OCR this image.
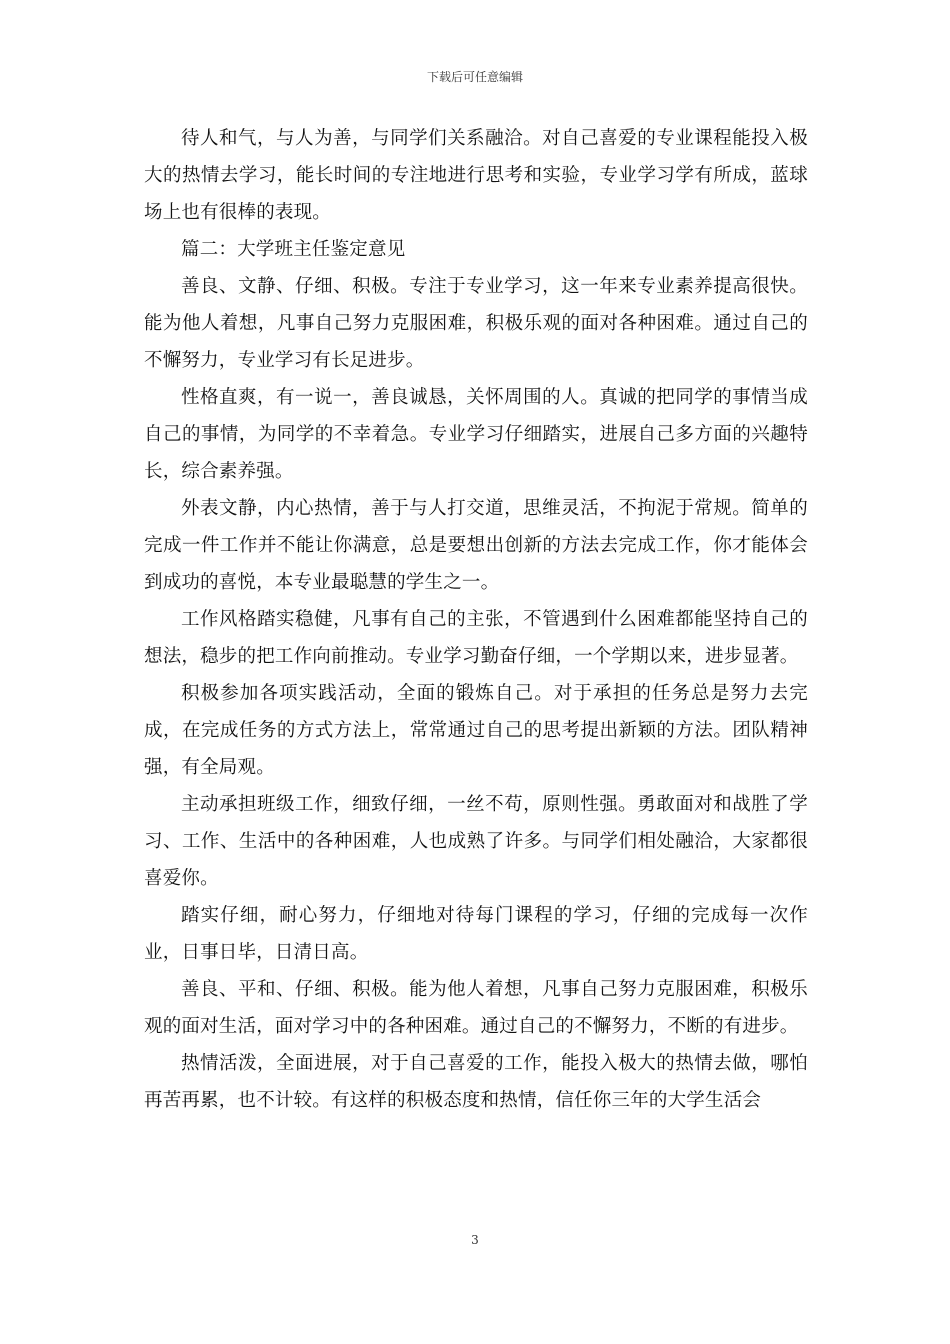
下载后可任意编辑

待人和气，与人为善，与同学们关系融洽。对自己喜爱的专业课程能投入极大的热情去学习，能长时间的专注地进行思考和实验，专业学习学有所成，蓝球场上也有很棒的表现。

篇二：大学班主任鉴定意见

善良、文静、仔细、积极。专注于专业学习，这一年来专业素养提高很快。能为他人着想，凡事自己努力克服困难，积极乐观的面对各种困难。通过自己的不懈努力，专业学习有长足进步。

性格直爽，有一说一，善良诚恳，关怀周围的人。真诚的把同学的事情当成自己的事情，为同学的不幸着急。专业学习仔细踏实，进展自己多方面的兴趣特长，综合素养强。

外表文静，内心热情，善于与人打交道，思维灵活，不拘泥于常规。简单的完成一件工作并不能让你满意，总是要想出创新的方法去完成工作，你才能体会到成功的喜悦，本专业最聪慧的学生之一。

工作风格踏实稳健，凡事有自己的主张，不管遇到什么困难都能坚持自己的想法，稳步的把工作向前推动。专业学习勤奋仔细，一个学期以来，进步显著。

积极参加各项实践活动，全面的锻炼自己。对于承担的任务总是努力去完成，在完成任务的方式方法上，常常通过自己的思考提出新颖的方法。团队精神强，有全局观。

主动承担班级工作，细致仔细，一丝不苟，原则性强。勇敢面对和战胜了学习、工作、生活中的各种困难，人也成熟了许多。与同学们相处融洽，大家都很喜爱你。

踏实仔细，耐心努力，仔细地对待每门课程的学习，仔细的完成每一次作业，日事日毕，日清日高。

善良、平和、仔细、积极。能为他人着想，凡事自己努力克服困难，积极乐观的面对生活，面对学习中的各种困难。通过自己的不懈努力，不断的有进步。

热情活泼，全面进展，对于自己喜爱的工作，能投入极大的热情去做，哪怕再苦再累，也不计较。有这样的积极态度和热情，信任你三年的大学生活会

3
